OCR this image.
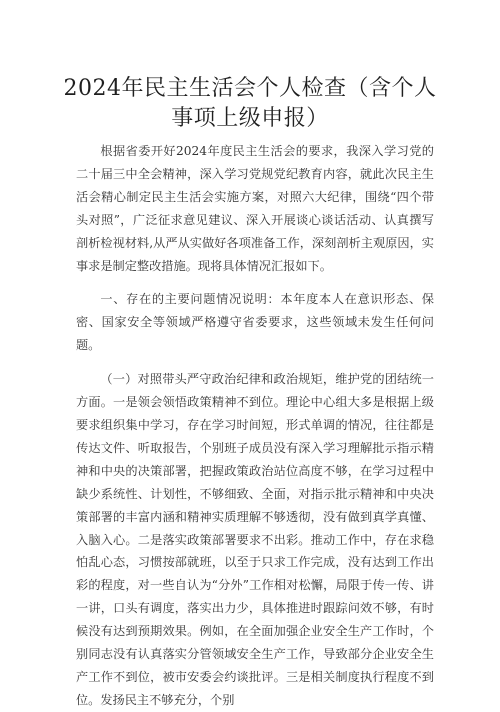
2024年民主生活会个人检查（含个人事项上级申报）

根据省委开好2024年度民主生活会的要求，我深入学习党的二十届三中全会精神，深入学习党规党纪教育内容，就此次民主生活会精心制定民主生活会实施方案，对照六大纪律，围绕“四个带头对照”，广泛征求意见建议、深入开展谈心谈话活动、认真撰写剖析检视材料,从严从实做好各项准备工作，深刻剖析主观原因，实事求是制定整改措施。现将具体情况汇报如下。

一、存在的主要问题情况说明：本年度本人在意识形态、保密、国家安全等领域严格遵守省委要求，这些领域未发生任何问题。

（一）对照带头严守政治纪律和政治规矩，维护党的团结统一方面。一是领会领悟政策精神不到位。理论中心组大多是根据上级要求组织集中学习，存在学习时间短，形式单调的情况，往往都是传达文件、听取报告，个别班子成员没有深入学习理解批示指示精神和中央的决策部署，把握政策政治站位高度不够，在学习过程中缺少系统性、计划性，不够细致、全面，对指示批示精神和中央决策部署的丰富内涵和精神实质理解不够透彻，没有做到真学真懂、入脑入心。二是落实政策部署要求不出彩。推动工作中，存在求稳怕乱心态，习惯按部就班，以至于只求工作完成，没有达到工作出彩的程度，对一些自认为“分外”工作相对松懈，局限于传一传、讲一讲，口头有调度，落实出力少，具体推进时跟踪问效不够，有时候没有达到预期效果。例如，在全面加强企业安全生产工作时，个别同志没有认真落实分管领域安全生产工作，导致部分企业安全生产工作不到位，被市安委会约谈批评。三是相关制度执行程度不到位。发扬民主不够充分，个别
